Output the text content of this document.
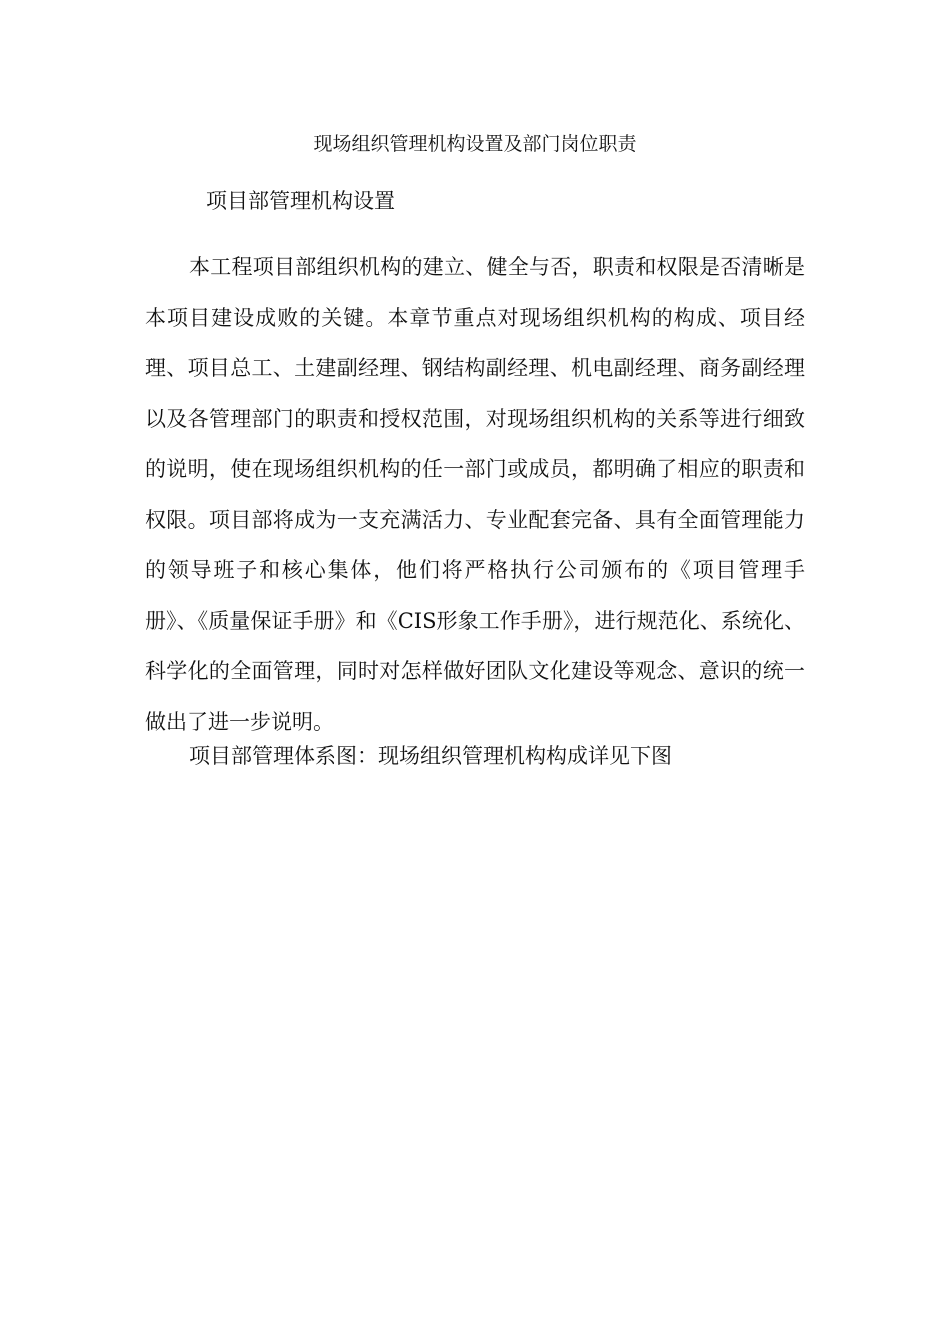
现场组织管理机构设置及部门岗位职责
项目部管理机构设置

本工程项目部组织机构的建立、健全与否，职责和权限是否清晰是本项目建设成败的关键。本章节重点对现场组织机构的构成、项目经理、项目总工、土建副经理、钢结构副经理、机电副经理、商务副经理以及各管理部门的职责和授权范围，对现场组织机构的关系等进行细致的说明，使在现场组织机构的任一部门或成员，都明确了相应的职责和权限。项目部将成为一支充满活力、专业配套完备、具有全面管理能力的领导班子和核心集体，他们将严格执行公司颁布的《项目管理手册》、《质量保证手册》和《CIS形象工作手册》，进行规范化、系统化、科学化的全面管理，同时对怎样做好团队文化建设等观念、意识的统一做出了进一步说明。

项目部管理体系图：现场组织管理机构构成详见下图
